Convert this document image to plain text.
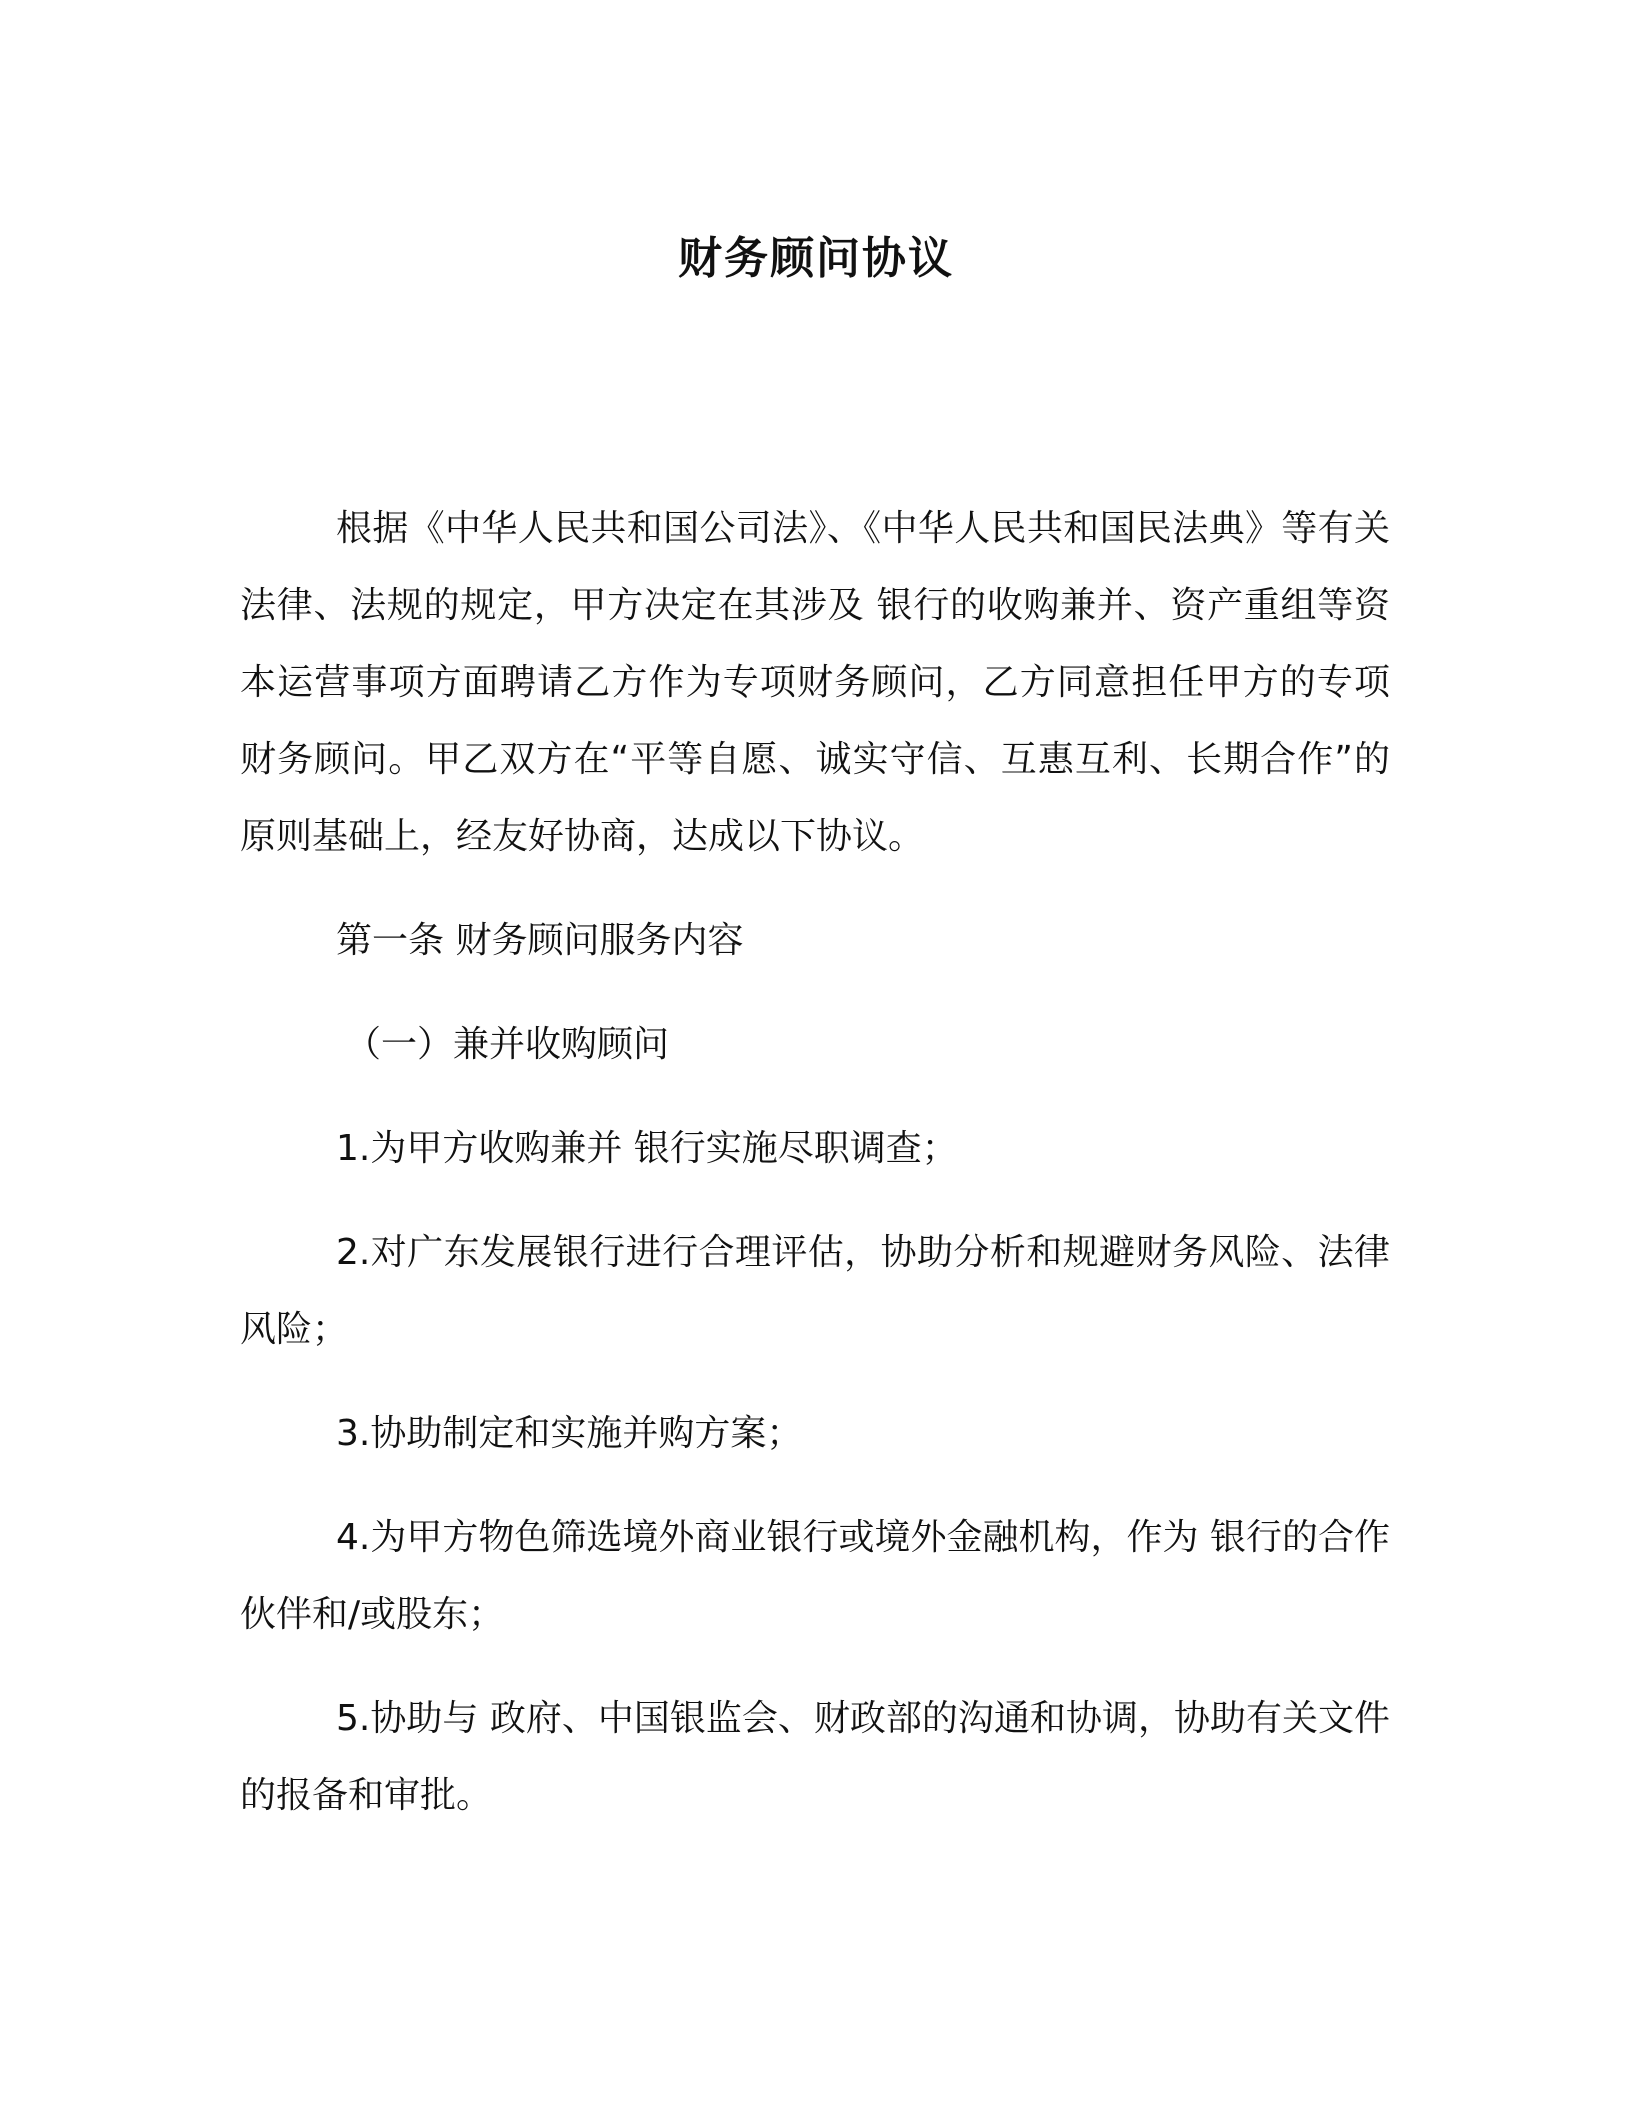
财务顾问协议

根据《中华人民共和国公司法》、《中华人民共和国民法典》等有关法律、法规的规定，甲方决定在其涉及 银行的收购兼并、资产重组等资本运营事项方面聘请乙方作为专项财务顾问，乙方同意担任甲方的专项财务顾问。甲乙双方在“平等自愿、诚实守信、互惠互利、长期合作”的原则基础上，经友好协商，达成以下协议。

第一条 财务顾问服务内容

（一）兼并收购顾问

1.为甲方收购兼并 银行实施尽职调查；

2.对广东发展银行进行合理评估，协助分析和规避财务风险、法律风险；

3.协助制定和实施并购方案；

4.为甲方物色筛选境外商业银行或境外金融机构，作为 银行的合作伙伴和/或股东；

5.协助与 政府、中国银监会、财政部的沟通和协调，协助有关文件的报备和审批。
